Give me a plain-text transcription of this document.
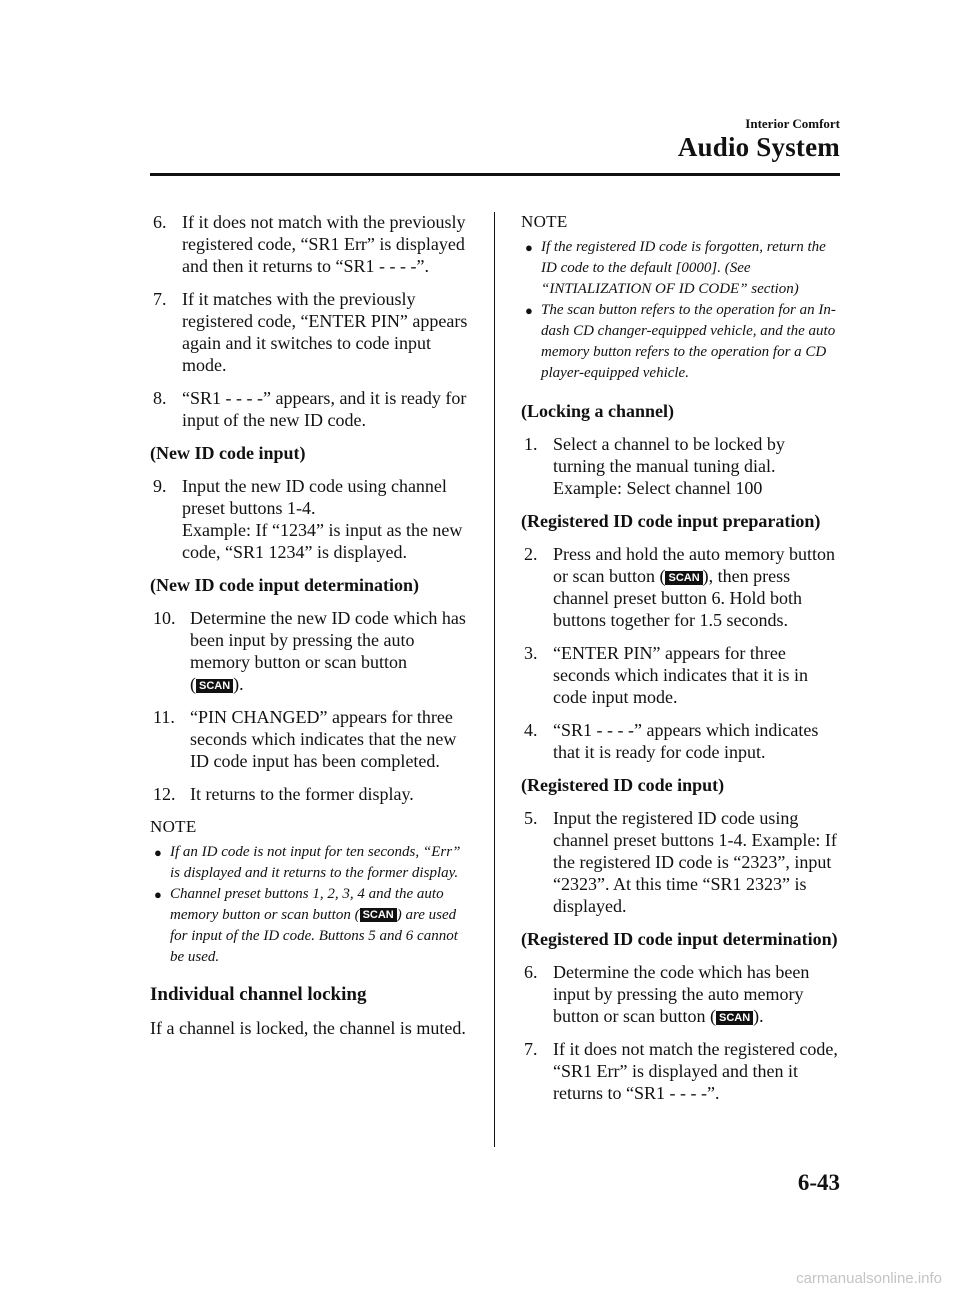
Interior Comfort
Audio System
6. If it does not match with the previously registered code, “SR1 Err” is displayed and then it returns to “SR1 - - - -”.
7. If it matches with the previously registered code, “ENTER PIN” appears again and it switches to code input mode.
8. “SR1 - - - -” appears, and it is ready for input of the new ID code.
(New ID code input)
9. Input the new ID code using channel preset buttons 1-4.
Example: If “1234” is input as the new code, “SR1 1234” is displayed.
(New ID code input determination)
10. Determine the new ID code which has been input by pressing the auto memory button or scan button
( SCAN ).
11. “PIN CHANGED” appears for three seconds which indicates that the new ID code input has been completed.
12. It returns to the former display.
NOTE
● If an ID code is not input for ten seconds, “Err” is displayed and it returns to the former display.
● Channel preset buttons 1, 2, 3, 4 and the auto memory button or scan button ( SCAN ) are used for input of the ID code. Buttons 5 and 6 cannot be used.
Individual channel locking
If a channel is locked, the channel is muted.
NOTE
● If the registered ID code is forgotten, return the ID code to the default [0000]. (See “INTIALIZATION OF ID CODE” section)
● The scan button refers to the operation for an In-dash CD changer-equipped vehicle, and the auto memory button refers to the operation for a CD player-equipped vehicle.
(Locking a channel)
1. Select a channel to be locked by turning the manual tuning dial.
Example: Select channel 100
(Registered ID code input preparation)
2. Press and hold the auto memory button or scan button ( SCAN ), then press channel preset button 6. Hold both buttons together for 1.5 seconds.
3. “ENTER PIN” appears for three seconds which indicates that it is in code input mode.
4. “SR1 - - - -” appears which indicates that it is ready for code input.
(Registered ID code input)
5. Input the registered ID code using channel preset buttons 1-4. Example: If the registered ID code is “2323”, input “2323”. At this time “SR1 2323” is displayed.
(Registered ID code input determination)
6. Determine the code which has been input by pressing the auto memory button or scan button ( SCAN ).
7. If it does not match the registered code, “SR1 Err” is displayed and then it returns to “SR1 - - - -”.
6-43
carmanualsonline.info
